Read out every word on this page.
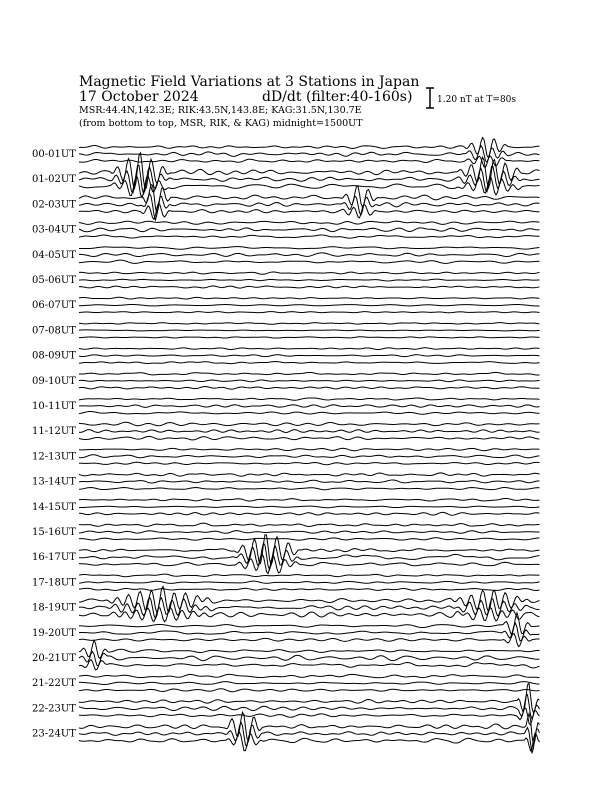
Magnetic Field Variations at 3 Stations in Japan
17 October 2024	dD/dt (filter:40-160s)
MSR:44.4N,142.3E; RIK:43.5N,143.8E; KAG:31.5N,130.7E
(from bottom to top, MSR, RIK, & KAG) midnight=1500UT
1.20 nT at T=80s
00-01UT
01-02UT
02-03UT
03-04UT
04-05UT
05-06UT
06-07UT
07-08UT
08-09UT
09-10UT
10-11UT
11-12UT
12-13UT
13-14UT
14-15UT
15-16UT
16-17UT
17-18UT
18-19UT
19-20UT
20-21UT
21-22UT
22-23UT
23-24UT
